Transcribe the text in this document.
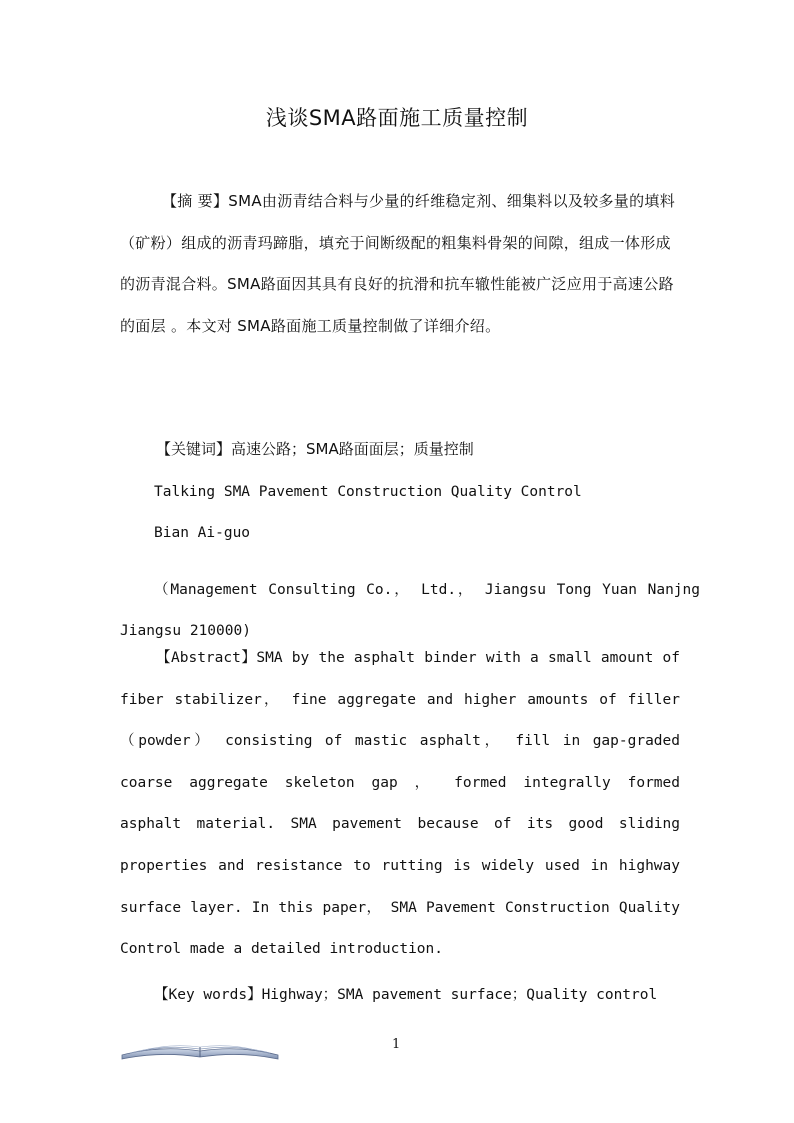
浅谈SMA路面施工质量控制

【摘 要】SMA由沥青结合料与少量的纤维稳定剂、细集料以及较多量的填料（矿粉）组成的沥青玛蹄脂，填充于间断级配的粗集料骨架的间隙，组成一体形成的沥青混合料。SMA路面因其具有良好的抗滑和抗车辙性能被广泛应用于高速公路的面层 。本文对 SMA路面施工质量控制做了详细介绍。

【关键词】高速公路；SMA路面面层；质量控制
Talking SMA Pavement Construction Quality Control
Bian Ai-guo

（Management Consulting Co.， Ltd.， Jiangsu Tong Yuan Nanjng Jiangsu 210000)

【Abstract】SMA by the asphalt binder with a small amount of fiber stabilizer， fine aggregate and higher amounts of filler （powder） consisting of mastic asphalt， fill in gap-graded coarse aggregate skeleton gap ， formed integrally formed asphalt material. SMA pavement because of its good sliding properties and resistance to rutting is widely used in highway surface layer. In this paper， SMA Pavement Construction Quality Control made a detailed introduction.

【Key words】Highway；SMA pavement surface；Quality control
1
